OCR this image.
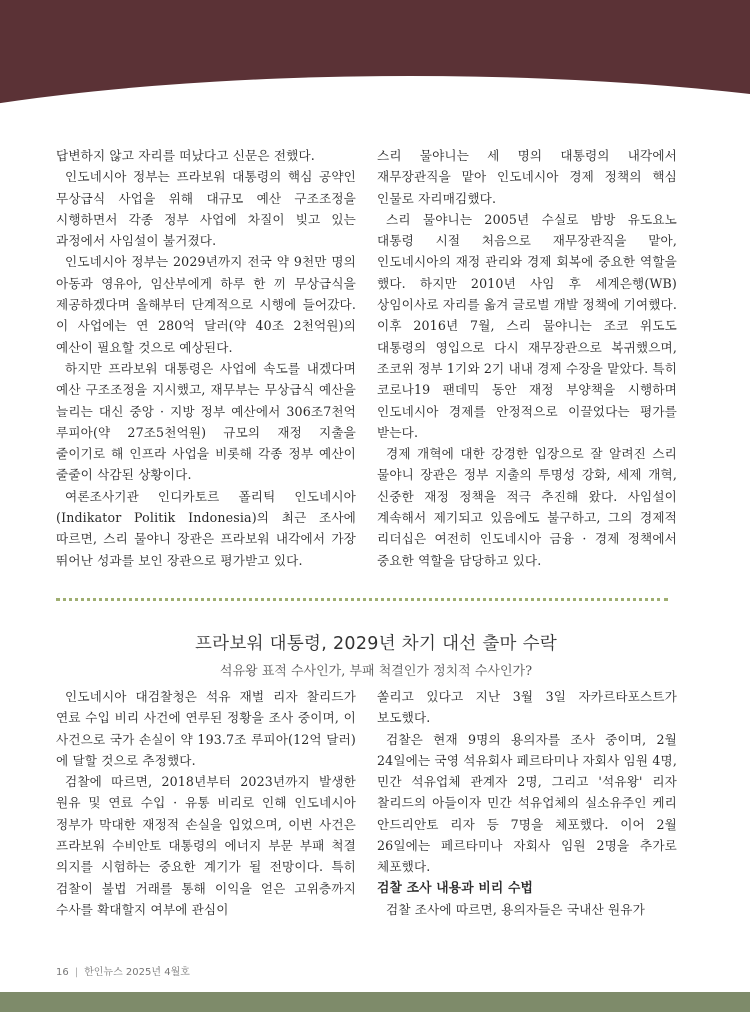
답변하지 않고 자리를 떠났다고 신문은 전했다.

인도네시아 정부는 프라보워 대통령의 핵심 공약인 무상급식 사업을 위해 대규모 예산 구조조정을 시행하면서 각종 정부 사업에 차질이 빚고 있는 과정에서 사임설이 불거졌다.

인도네시아 정부는 2029년까지 전국 약 9천만 명의 아동과 영유아, 임산부에게 하루 한 끼 무상급식을 제공하겠다며 올해부터 단계적으로 시행에 들어갔다. 이 사업에는 연 280억 달러(약 40조 2천억원)의 예산이 필요할 것으로 예상된다.

하지만 프라보워 대통령은 사업에 속도를 내겠다며 예산 구조조정을 지시했고, 재무부는 무상급식 예산을 늘리는 대신 중앙 · 지방 정부 예산에서 306조7천억 루피아(약 27조5천억원) 규모의 재정 지출을 줄이기로 해 인프라 사업을 비롯해 각종 정부 예산이 줄줄이 삭감된 상황이다.

여론조사기관 인디카토르 폴리틱 인도네시아(Indikator Politik Indonesia)의 최근 조사에 따르면, 스리 물야니 장관은 프라보워 내각에서 가장 뛰어난 성과를 보인 장관으로 평가받고 있다.

스리 물야니는 세 명의 대통령의 내각에서 재무장관직을 맡아 인도네시아 경제 정책의 핵심 인물로 자리매김했다.

스리 물야니는 2005년 수실로 밤방 유도요노 대통령 시절 처음으로 재무장관직을 맡아, 인도네시아의 재정 관리와 경제 회복에 중요한 역할을 했다. 하지만 2010년 사임 후 세계은행(WB) 상임이사로 자리를 옮겨 글로벌 개발 정책에 기여했다. 이후 2016년 7월, 스리 물야니는 조코 위도도 대통령의 영입으로 다시 재무장관으로 복귀했으며, 조코위 정부 1기와 2기 내내 경제 수장을 맡았다. 특히 코로나19 팬데믹 동안 재정 부양책을 시행하며 인도네시아 경제를 안정적으로 이끌었다는 평가를 받는다.

경제 개혁에 대한 강경한 입장으로 잘 알려진 스리 물야니 장관은 정부 지출의 투명성 강화, 세제 개혁, 신중한 재정 정책을 적극 추진해 왔다. 사임설이 계속해서 제기되고 있음에도 불구하고, 그의 경제적 리더십은 여전히 인도네시아 금융 · 경제 정책에서 중요한 역할을 담당하고 있다.

프라보워 대통령, 2029년 차기 대선 출마 수락
석유왕 표적 수사인가, 부패 척결인가 정치적 수사인가?

인도네시아 대검찰청은 석유 재벌 리자 찰리드가 연료 수입 비리 사건에 연루된 정황을 조사 중이며, 이 사건으로 국가 손실이 약 193.7조 루피아(12억 달러)에 달할 것으로 추정했다.

검찰에 따르면, 2018년부터 2023년까지 발생한 원유 및 연료 수입 · 유통 비리로 인해 인도네시아 정부가 막대한 재정적 손실을 입었으며, 이번 사건은 프라보워 수비안토 대통령의 에너지 부문 부패 척결 의지를 시험하는 중요한 계기가 될 전망이다. 특히 검찰이 불법 거래를 통해 이익을 얻은 고위층까지 수사를 확대할지 여부에 관심이

쏠리고 있다고 지난 3월 3일 자카르타포스트가 보도했다.

검찰은 현재 9명의 용의자를 조사 중이며, 2월 24일에는 국영 석유회사 페르타미나 자회사 임원 4명, 민간 석유업체 관계자 2명, 그리고 '석유왕' 리자 찰리드의 아들이자 민간 석유업체의 실소유주인 케리 안드리안토 리자 등 7명을 체포했다. 이어 2월 26일에는 페르타미나 자회사 임원 2명을 추가로 체포했다.

검찰 조사 내용과 비리 수법

검찰 조사에 따르면, 용의자들은 국내산 원유가

16 | 한인뉴스 2025년 4월호
